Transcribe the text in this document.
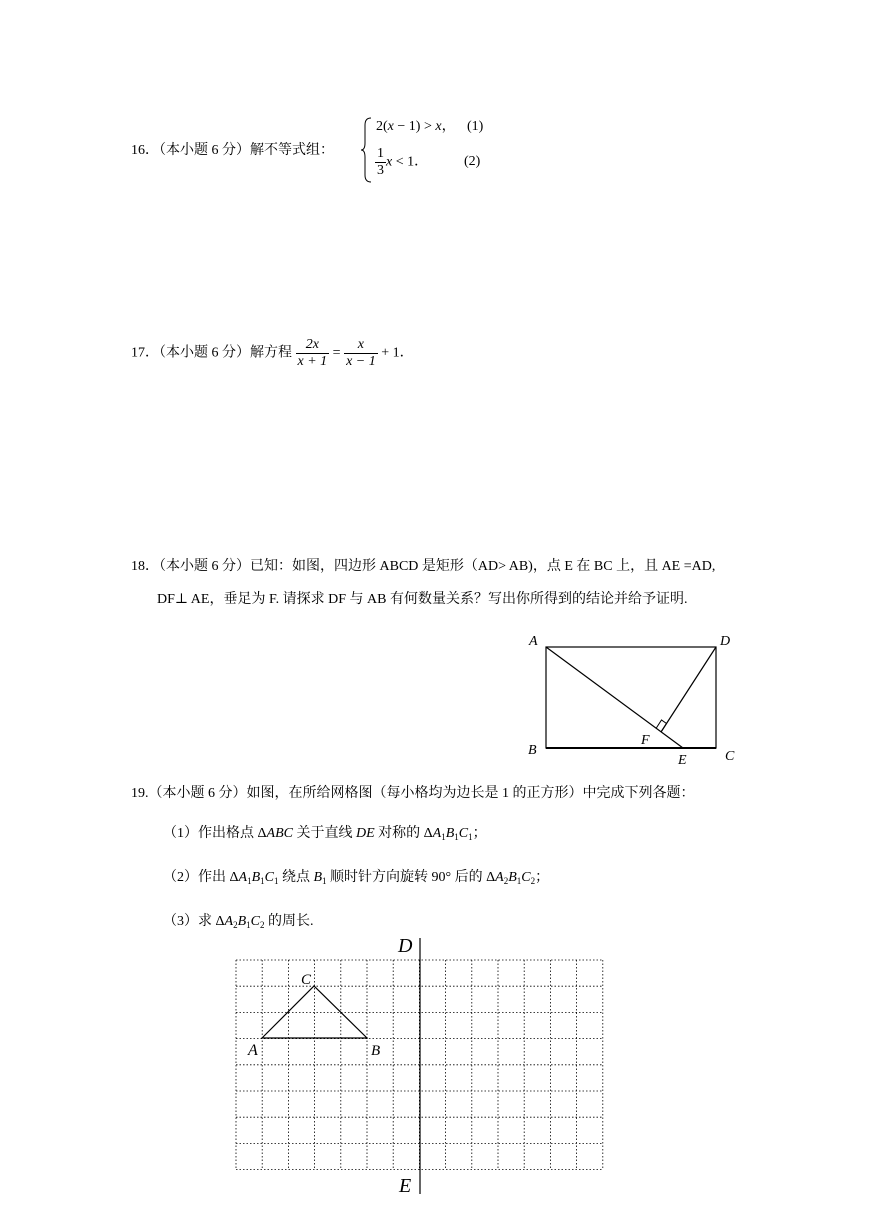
16．（本小题 6 分）解不等式组：
2(x − 1) > x， (1)
$\frac{1}{3}$ x < 1．	(2)
17．（本小题 6 分）解方程 $\frac{2x}{x + 1} = \frac{x}{x - 1} + 1$．
18．（本小题 6 分）已知：如图，四边形 ABCD 是矩形（AD> AB)，点 E 在 BC 上，且 AE =AD,
DF⊥ AE，垂足为 F. 请探求 DF 与 AB 有何数量关系？写出你所得到的结论并给予证明.
A	D
B	C
E
F
19.（本小题 6 分）如图，在所给网格图（每小格均为边长是 1 的正方形）中完成下列各题：
（1）作出格点 ΔABC 关于直线 DE 对称的 $\Delta A_1B_1C_1$；
（2）作出 $\Delta A_1B_1C_1$ 绕点 $B_1$ 顺时针方向旋转 90° 后的 $\Delta A_2B_1C_2$；
（3）求 $\Delta A_2B_1C_2$ 的周长.
D
E
A	B
C
